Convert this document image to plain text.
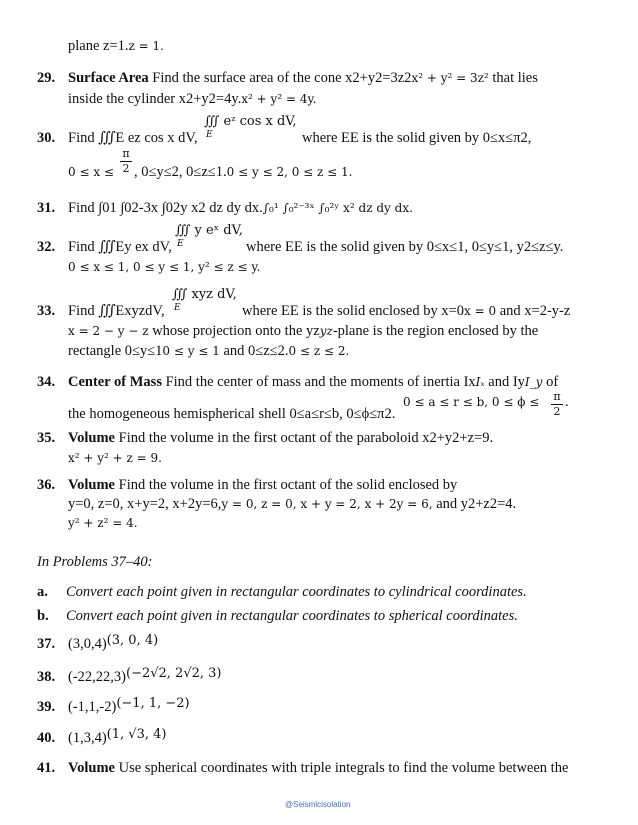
plane z=1.z = 1.
29. Surface Area Find the surface area of the cone x2+y2=3z2x² + y² = 3z² that lies
inside the cylinder x2+y2=4y.x² + y² = 4y.
∭ eᶻ cos x dV,
E
30. Find ∭E ez cos x dV,	where EE is the solid given by 0≤x≤π2,
0 ≤ x ≤
π
2 , 0≤y≤2, 0≤z≤1.0 ≤ y ≤ 2, 0 ≤ z ≤ 1.
31. Find ∫01 ∫02-3x ∫02y x2 dz dy dx.∫₀¹ ∫₀²⁻³ˣ ∫₀²ʸ x² dz dy dx.
∭ y eˣ dV,
E
32. Find ∭Ey ex dV,	where EE is the solid given by 0≤x≤1, 0≤y≤1, y2≤z≤y.
0 ≤ x ≤ 1, 0 ≤ y ≤ 1, y² ≤ z ≤ y.
∭ xyz dV,
E
33. Find ∭ExyzdV,	where EE is the solid enclosed by x=0x = 0 and x=2-y-z
x = 2 − y − z whose projection onto the yzyz-plane is the region enclosed by the
rectangle 0≤y≤10 ≤ y ≤ 1 and 0≤z≤2.0 ≤ z ≤ 2.
34. Center of Mass Find the center of mass and the moments of inertia IxIₓ and IyI_y of
0 ≤ a ≤ r ≤ b, 0 ≤ ϕ ≤ π
2
.
the homogeneous hemispherical shell 0≤a≤r≤b, 0≤ϕ≤π2.
35. Volume Find the volume in the first octant of the paraboloid x2+y2+z=9.
x² + y² + z = 9.
36. Volume Find the volume in the first octant of the solid enclosed by
y=0, z=0, x+y=2, x+2y=6,y = 0, z = 0, x + y = 2, x + 2y = 6, and y2+z2=4.
y² + z² = 4.
In Problems 37–40:
a. Convert each point given in rectangular coordinates to cylindrical coordinates.
b. Convert each point given in rectangular coordinates to spherical coordinates.
37. (3,0,4)(3, 0, 4)
38. (-22,22,3)(−2√2, 2√2, 3)
39. (-1,1,-2)(−1, 1, −2)
40. (1,3,4)(1, √3, 4)
41. Volume Use spherical coordinates with triple integrals to find the volume between the
@Seismicisolation
